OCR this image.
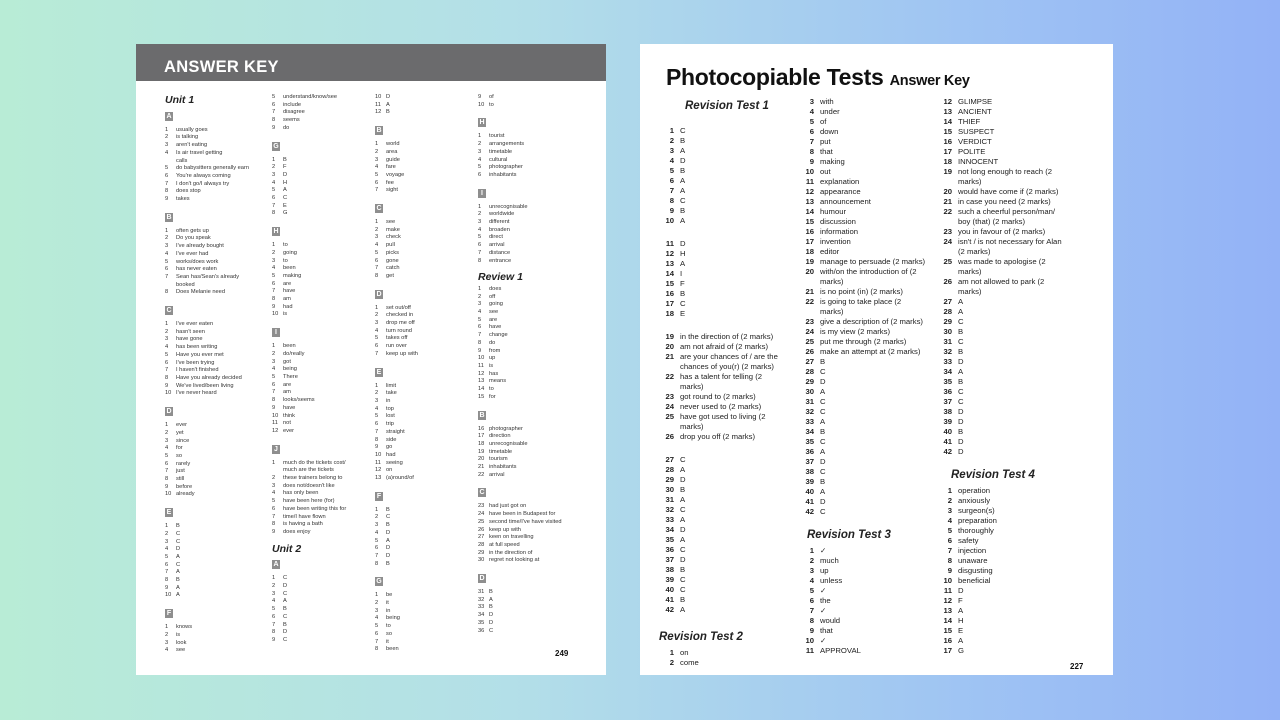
ANSWER KEY
Unit 1
A
1	usually goes
2	is talking
3	aren't eating
4	Is air travel getting
calls
5	do babysitters generally earn
6	You're always coming
7	I don't go/I always try
8	does stop
9	takes
B
1	often gets up
2	Do you speak
3	I've already bought
4	I've ever had
5	works/does work
6	has never eaten
7	Sean has/Sean's already
booked
8	Does Melanie need
C
1	I've ever eaten
2	hasn't seen
3	have gone
4	has been writing
5	Have you ever met
6	I've been trying
7	I haven't finished
8	Have you already decided
9	We've lived/been living
10 I've never heard
D
1	ever
2	yet
3	since
4	for
5	so
6	rarely
7	just
8	still
9	before
10 already
E
1	B
2	C
3	C
4	D
5	A
6	C
7	A
8	B
9	A
10 A
F
1	knows
2	is
3	look
4	see
5	understand/know/see
6	include
7	disagree
8	seems
9	do
G
1	B
2	F
3	D
4	H
5	A
6	C
7	E
8	G
H
1	to
2	going
3	to
4	been
5	making
6	are
7	have
8	am
9	had
10 is
I
1	been
2	do/really
3	got
4	being
5	There
6	are
7	am
8	looks/seems
9	have
10 think
11 not
12 ever
J
1	much do the tickets cost/
much are the tickets
2	these trainers belong to
3	does not/doesn't like
4	has only been
5	have been here (for)
6	have been writing this for
7	time/I have flown
8	is having a bath
9	does enjoy
Unit 2
A
1	C
2	D
3	C
4	A
5	B
6	C
7	B
8	D
9	C
10 D
11 A
12 B
B
1	world
2	area
3	guide
4	fare
5	voyage
6	fee
7	sight
C
1	see
2	make
3	check
4	pull
5	picks
6	gone
7	catch
8	get
D
1	set out/off
2	checked in
3	drop me off
4	turn round
5	takes off
6	run over
7	keep up with
E
1	limit
2	take
3	in
4	top
5	lost
6	trip
7	straight
8	side
9	go
10 had
11 seeing
12 on
13 (a)round/of
F
1	B
2	C
3	B
4	D
5	A
6	D
7	D
8	B
G
1	be
2	it
3	in
4	being
5	to
6	so
7	it
8	been
9	of
10 to
H
1	tourist
2	arrangements
3	timetable
4	cultural
5	photographer
6	inhabitants
I
1	unrecognisable
2	worldwide
3	different
4	broaden
5	direct
6	arrival
7	distance
8	entrance
Review 1
1	does
2	off
3	going
4	see
5	are
6	have
7	change
8	do
9	from
10 up
11 is
12 has
13 means
14 to
15 for
B
16 photographer
17 direction
18 unrecognisable
19 timetable
20 tourism
21 inhabitants
22 arrival
C
23 had just got on
24 have been in Budapest for
25 second time/I've have visited
26 keep up with
27 keen on travelling
28 at full speed
29 in the direction of
30 regret not looking at
D
31 B
32 A
33 B
34 D
35 D
36 C
249
Photocopiable Tests Answer Key
Revision Test 1
1 C
2 B
3 A
4 D
5 B
6 A
7 A
8 C
9 B
10 A
11 D
12 H
13 A
14 I
15 F
16 B
17 C
18 E
19 in the direction of (2 marks)
20 am not afraid of (2 marks)
21 are your chances of / are the
chances of you(r) (2 marks)
22 has a talent for telling (2
marks)
23 got round to (2 marks)
24 never used to (2 marks)
25 have got used to living (2
marks)
26 drop you off (2 marks)
27 C
28 A
29 D
30 B
31 A
32 C
33 A
34 D
35 A
36 C
37 D
38 B
39 C
40 C
41 B
42 A
Revision Test 2
1 on
2 come
3 with
4 under
5 of
6 down
7 put
8 that
9 making
10 out
11 explanation
12 appearance
13 announcement
14 humour
15 discussion
16 information
17 invention
18 editor
19 manage to persuade (2 marks)
20 with/on the introduction of (2
marks)
21 is no point (in) (2 marks)
22 is going to take place (2
marks)
23 give a description of (2 marks)
24 is my view (2 marks)
25 put me through (2 marks)
26 make an attempt at (2 marks)
27 B
28 C
29 D
30 A
31 C
32 C
33 A
34 B
35 C
36 A
37 D
38 C
39 B
40 A
41 D
42 C
Revision Test 3
1 ✓
2 much
3 up
4 unless
5 ✓
6 the
7 ✓
8 would
9 that
10 ✓
11 APPROVAL
12 GLIMPSE
13 ANCIENT
14 THIEF
15 SUSPECT
16 VERDICT
17 POLITE
18 INNOCENT
19 not long enough to reach (2
marks)
20 would have come if (2 marks)
21 in case you need (2 marks)
22 such a cheerful person/man/
boy (that) (2 marks)
23 you in favour of (2 marks)
24 isn't / is not necessary for Alan
(2 marks)
25 was made to apologise (2
marks)
26 am not allowed to park (2
marks)
27 A
28 A
29 C
30 B
31 C
32 B
33 D
34 A
35 B
36 C
37 C
38 D
39 D
40 B
41 D
42 D
Revision Test 4
1 operation
2 anxiously
3 surgeon(s)
4 preparation
5 thoroughly
6 safety
7 injection
8 unaware
9 disgusting
10 beneficial
11 D
12 F
13 A
14 H
15 E
16 A
17 G
227
